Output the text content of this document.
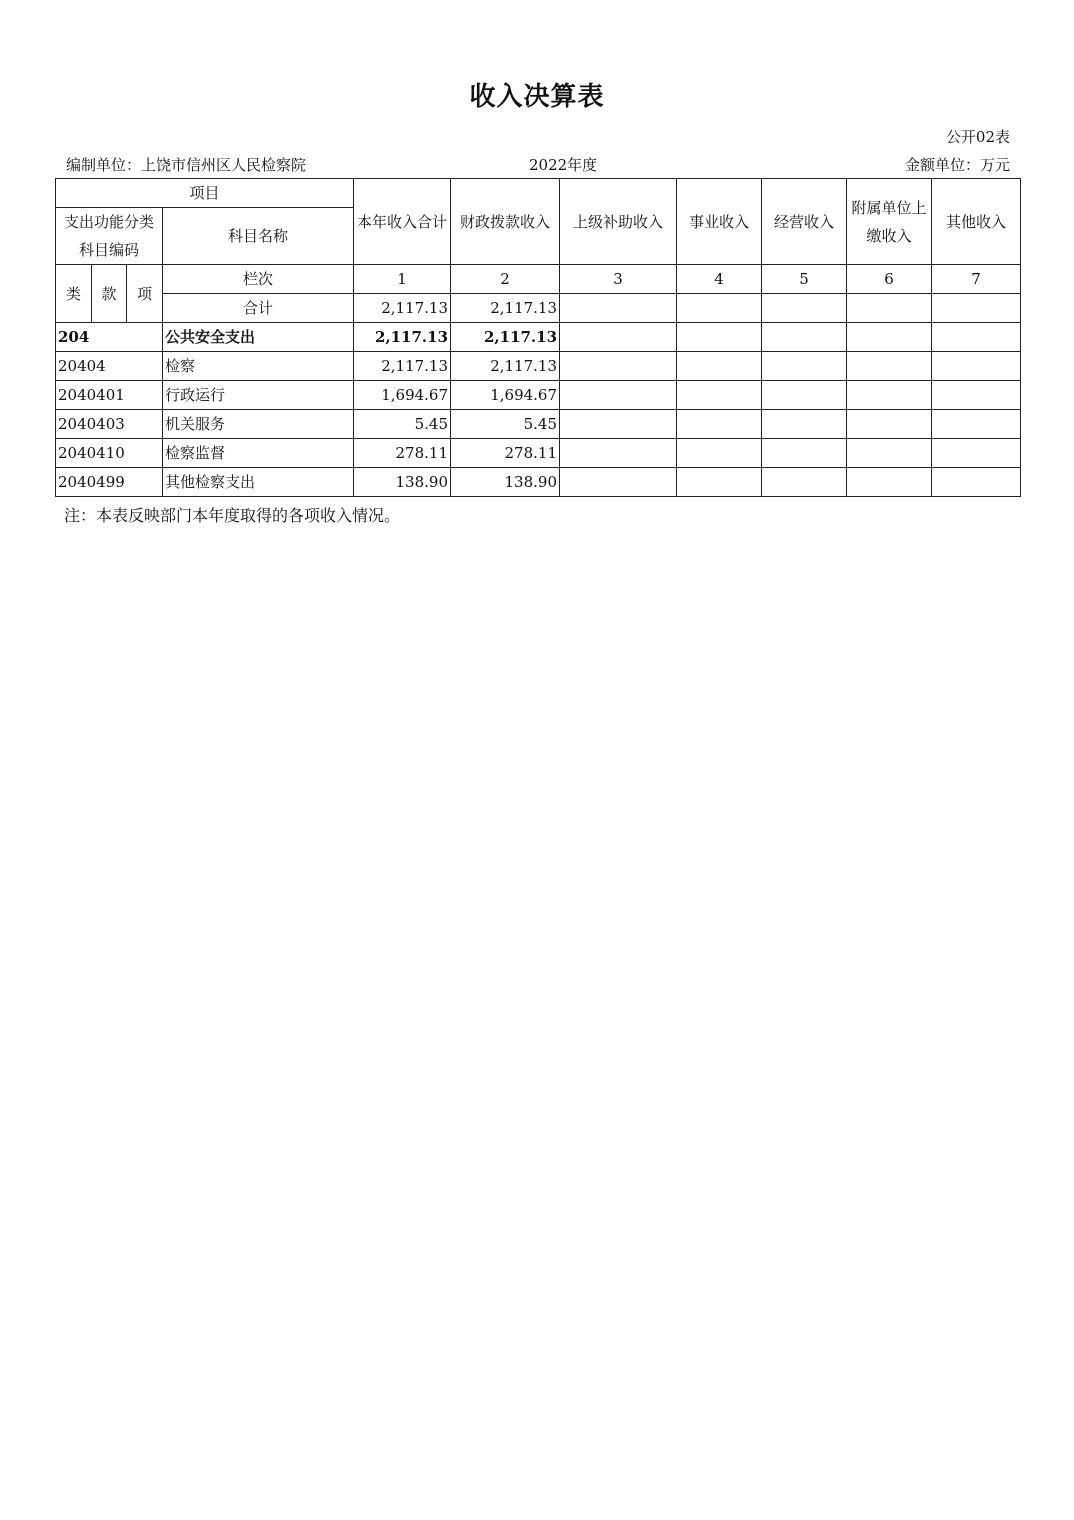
收入决算表
公开02表
编制单位：上饶市信州区人民检察院	2022年度	金额单位：万元
项目				本年收入合计	财政拨款收入	上级补助收入	事业收入	经营收入	附属单位上缴收入	其他收入
支出功能分类科目编码			科目名称							
类	款	项	栏次	1	2	3	4	5	6	7
			合计	2,117.13	2,117.13					
204			公共安全支出	2,117.13	2,117.13					
20404			检察	2,117.13	2,117.13					
2040401			行政运行	1,694.67	1,694.67					
2040403			机关服务	5.45	5.45					
2040410			检察监督	278.11	278.11					
2040499			其他检察支出	138.90	138.90					
注：本表反映部门本年度取得的各项收入情况。
